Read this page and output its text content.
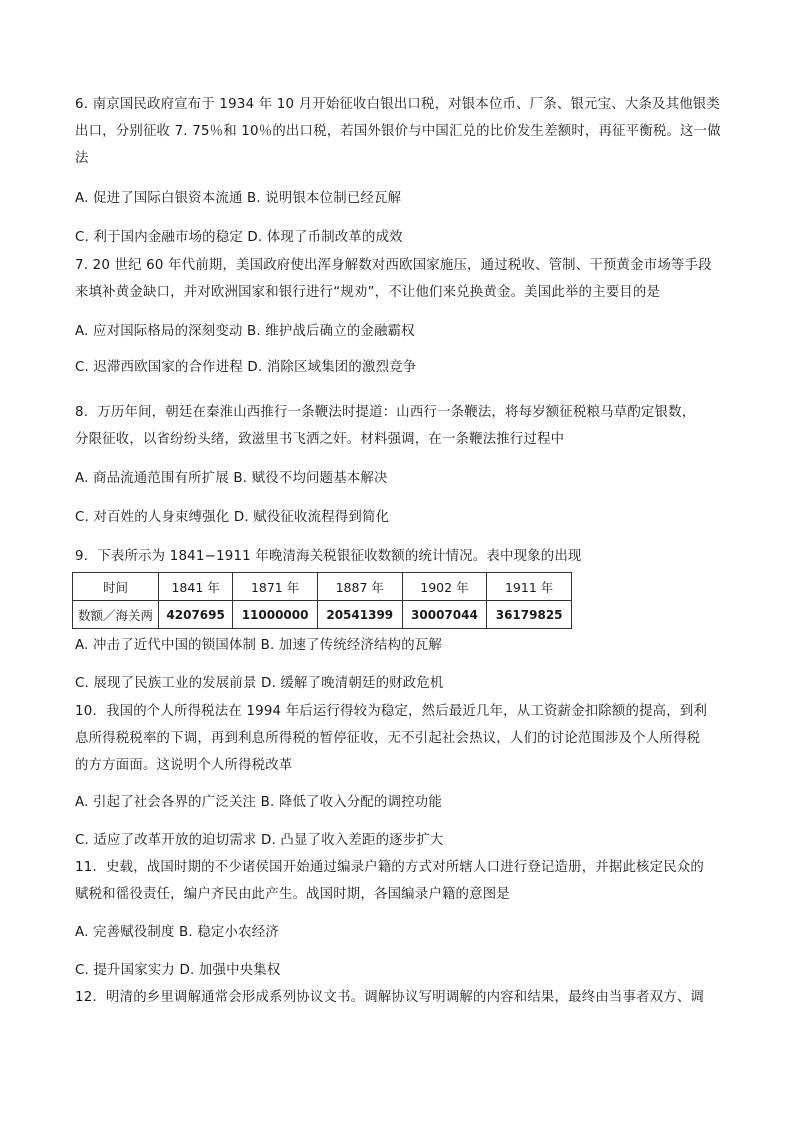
6. 南京国民政府宣布于 1934 年 10 月开始征收白银出口税，对银本位币、厂条、银元宝、大条及其他银类
出口，分别征收 7. 75％和 10％的出口税，若国外银价与中国汇兑的比价发生差额时，再征平衡税。这一做
法
A. 促进了国际白银资本流通 B. 说明银本位制已经瓦解
C. 利于国内金融市场的稳定 D. 体现了币制改革的成效
7. 20 世纪 60 年代前期，美国政府使出浑身解数对西欧国家施压，通过税收、管制、干预黄金市场等手段
来填补黄金缺口，并对欧洲国家和银行进行“规劝”，不让他们来兑换黄金。美国此举的主要目的是
A. 应对国际格局的深刻变动 B. 维护战后确立的金融霸权
C. 迟滞西欧国家的合作进程 D. 消除区域集团的激烈竞争
8．万历年间，朝廷在秦淮山西推行一条鞭法时提道：山西行一条鞭法，将每岁额征税粮马草酌定银数，
分限征收，以省纷纷头绪，致滋里书飞洒之奸。材料强调，在一条鞭法推行过程中
A. 商品流通范围有所扩展 B. 赋役不均问题基本解决
C. 对百姓的人身束缚强化 D. 赋役征收流程得到简化
9．下表所示为 1841−1911 年晚清海关税银征收数额的统计情况。表中现象的出现
时间	1841 年	1871 年	1887 年	1902 年	1911 年
数额／海关两	4207695	11000000	20541399	30007044	36179825
A. 冲击了近代中国的锁国体制 B. 加速了传统经济结构的瓦解
C. 展现了民族工业的发展前景 D. 缓解了晚清朝廷的财政危机
10．我国的个人所得税法在 1994 年后运行得较为稳定，然后最近几年，从工资薪金扣除额的提高，到利
息所得税税率的下调，再到利息所得税的暂停征收，无不引起社会热议，人们的讨论范围涉及个人所得税
的方方面面。这说明个人所得税改革
A. 引起了社会各界的广泛关注 B. 降低了收入分配的调控功能
C. 适应了改革开放的迫切需求 D. 凸显了收入差距的逐步扩大
11．史载，战国时期的不少诸侯国开始通过编录户籍的方式对所辖人口进行登记造册，并据此核定民众的
赋税和徭役责任，编户齐民由此产生。战国时期，各国编录户籍的意图是
A. 完善赋役制度 B. 稳定小农经济
C. 提升国家实力 D. 加强中央集权
12．明清的乡里调解通常会形成系列协议文书。调解协议写明调解的内容和结果，最终由当事者双方、调
